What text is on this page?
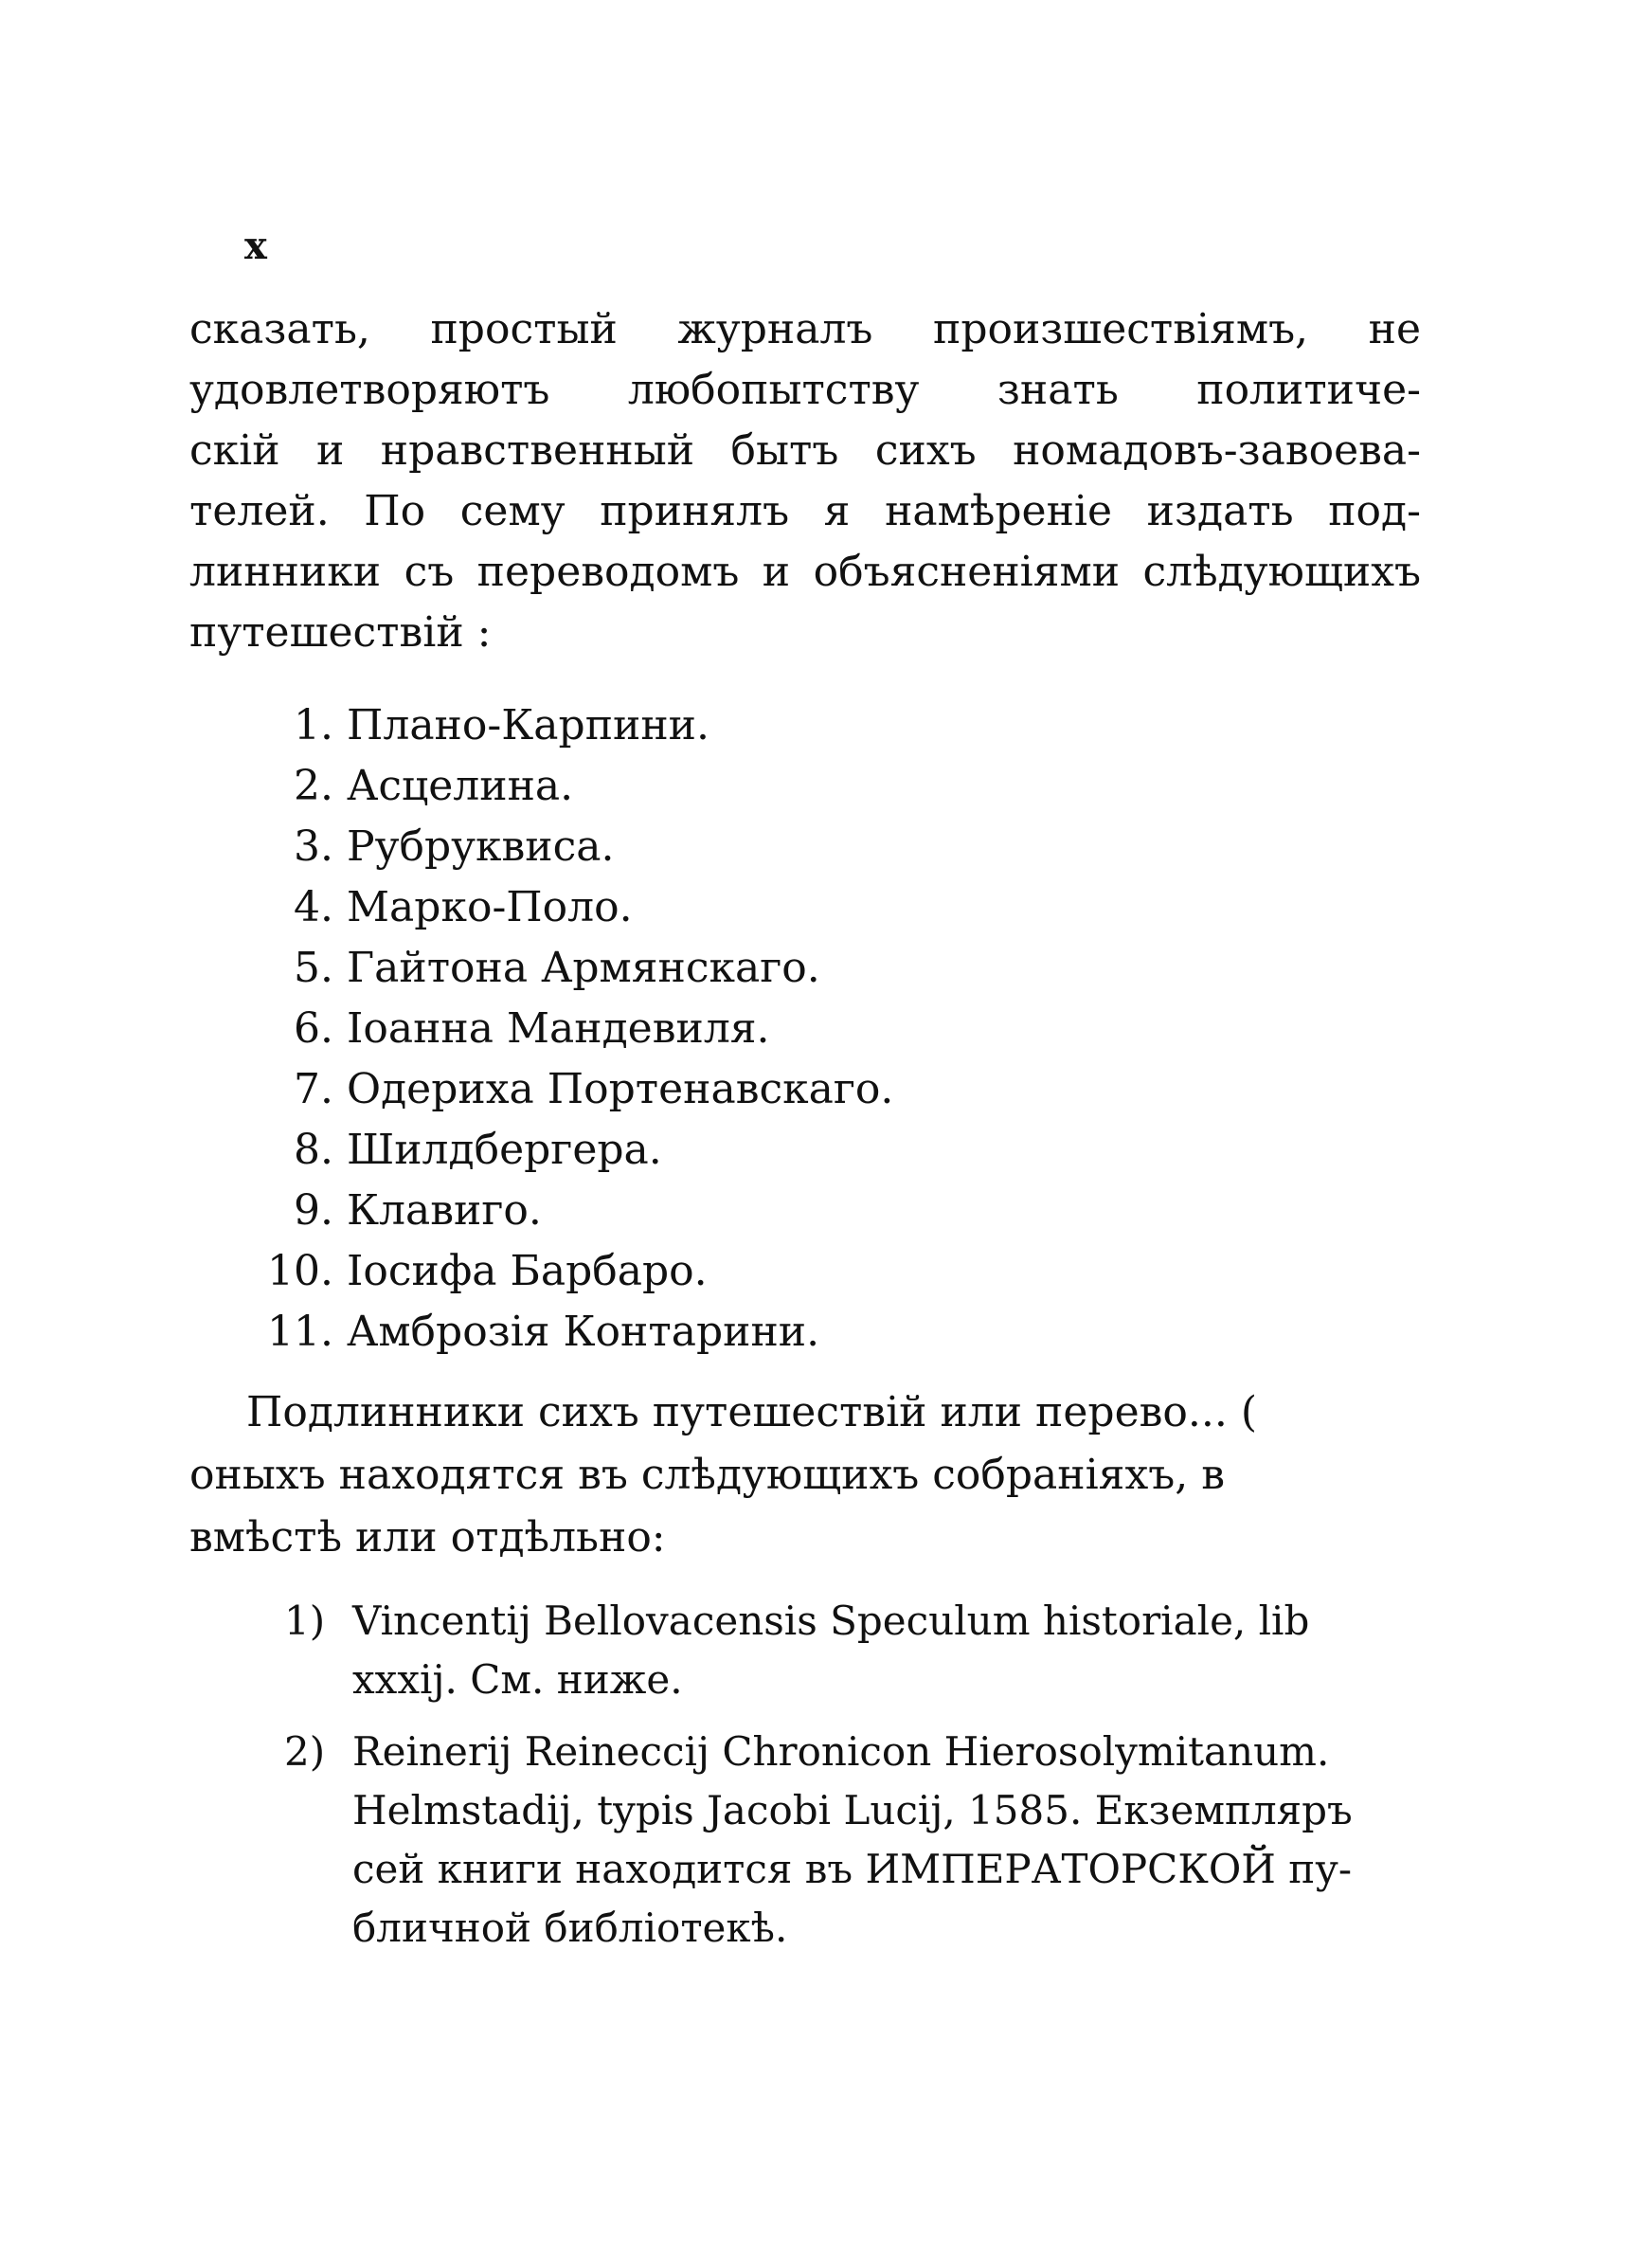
x

сказать, простый журналъ произшествiямъ, не
удовлетворяютъ любопытству знать политиче-
скiй и нравственный бытъ сихъ номадовъ-завоева-
телей. По сему принялъ я намѣренiе издать под-
линники съ переводомъ и объясненiями слѣдующихъ
путешествiй :

1. Плано-Карпини.
2. Асцелина.
3. Рубруквиса.
4. Марко-Поло.
5. Гайтона Армянскаго.
6. Iоанна Мандевиля.
7. Одериха Портенавскаго.
8. Шилдбергера.
9. Клавиго.
10. Iосифа Барбаро.
11. Амброзiя Контарини.

Подлинники сихъ путешествiй или перево... (
оныхъ находятся въ слѣдующихъ собранiяхъ, в
вмѣстѣ или отдѣльно:

1) Vincentij Bellovacensis Speculum historiale, lib
xxxij. См. ниже.
2) Reinerij Reineccij Chronicon Hierosolymitanum.
Helmstadij, typis Jacobi Lucij, 1585. Екземпляръ
сей книги находится въ ИМПЕРАТОРСКОЙ пу-
бличной библiотекѣ.
